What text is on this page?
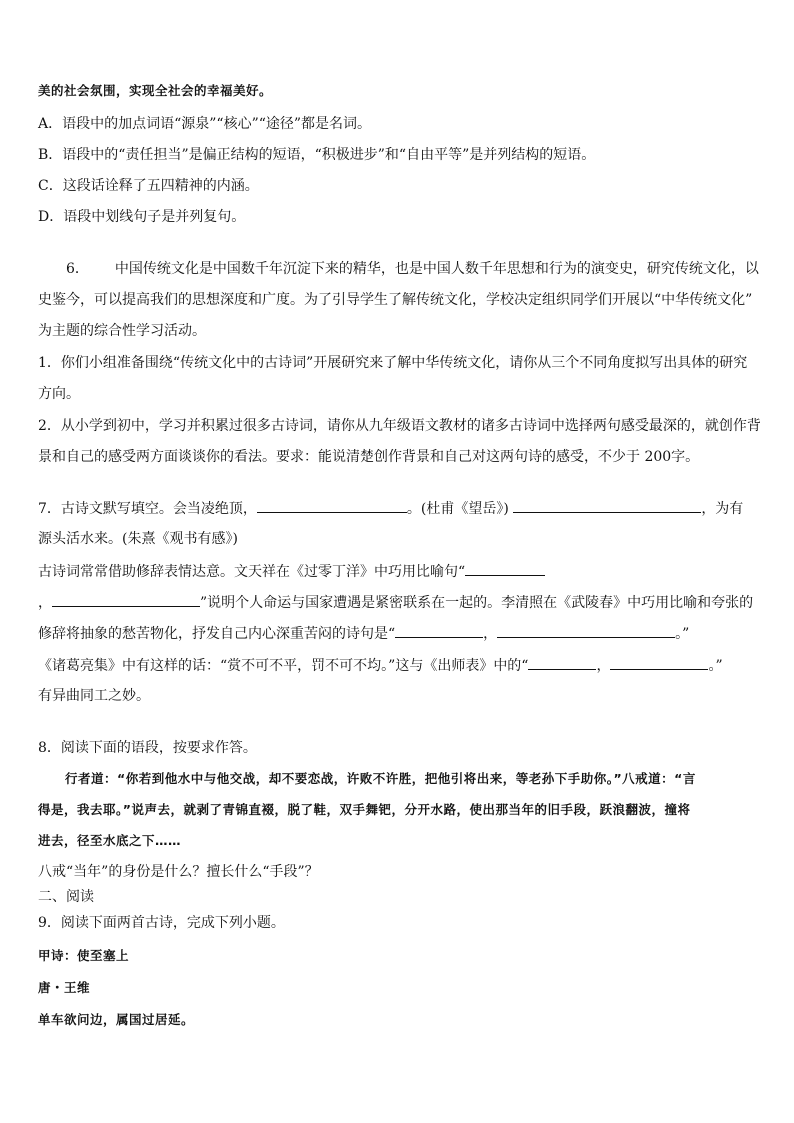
美的社会氛围，实现全社会的幸福美好。
A．语段中的加点词语“源泉”“核心”“途径”都是名词。
B．语段中的“责任担当”是偏正结构的短语，“积极进步”和“自由平等”是并列结构的短语。
C．这段话诠释了五四精神的内涵。
D．语段中划线句子是并列复句。
6． 中国传统文化是中国数千年沉淀下来的精华，也是中国人数千年思想和行为的演变史，研究传统文化，以
史鉴今，可以提高我们的思想深度和广度。为了引导学生了解传统文化，学校决定组织同学们开展以“中华传统文化”
为主题的综合性学习活动。
1．你们小组准备围绕“传统文化中的古诗词”开展研究来了解中华传统文化，请你从三个不同角度拟写出具体的研究
方向。
2．从小学到初中，学习并积累过很多古诗词，请你从九年级语文教材的诸多古诗词中选择两句感受最深的，就创作背
景和自己的感受两方面谈谈你的看法。要求：能说清楚创作背景和自己对这两句诗的感受，不少于 200字。
7．古诗文默写填空。会当凌绝顶，	。(杜甫《望岳》)	，为有
源头活水来。(朱熹《观书有感》)
古诗词常常借助修辞表情达意。文天祥在《过零丁洋》中巧用比喻句“
，	”说明个人命运与国家遭遇是紧密联系在一起的。李清照在《武陵春》中巧用比喻和夸张的
修辞将抽象的愁苦物化，抒发自己内心深重苦闷的诗句是“	，	。”
《诸葛亮集》中有这样的话：“赏不可不平，罚不可不均。”这与《出师表》中的“	，	。”
有异曲同工之妙。
8．阅读下面的语段，按要求作答。
行者道：“你若到他水中与他交战，却不要恋战，许败不许胜，把他引将出来，等老孙下手助你。”八戒道：“言
得是，我去耶。”说声去，就剥了青锦直裰，脱了鞋，双手舞钯，分开水路，使出那当年的旧手段，跃浪翻波，撞将
进去，径至水底之下……
八戒“当年”的身份是什么？擅长什么“手段”？
二、阅读
9．阅读下面两首古诗，完成下列小题。
甲诗：使至塞上
唐・王维
单车欲问边，属国过居延。
